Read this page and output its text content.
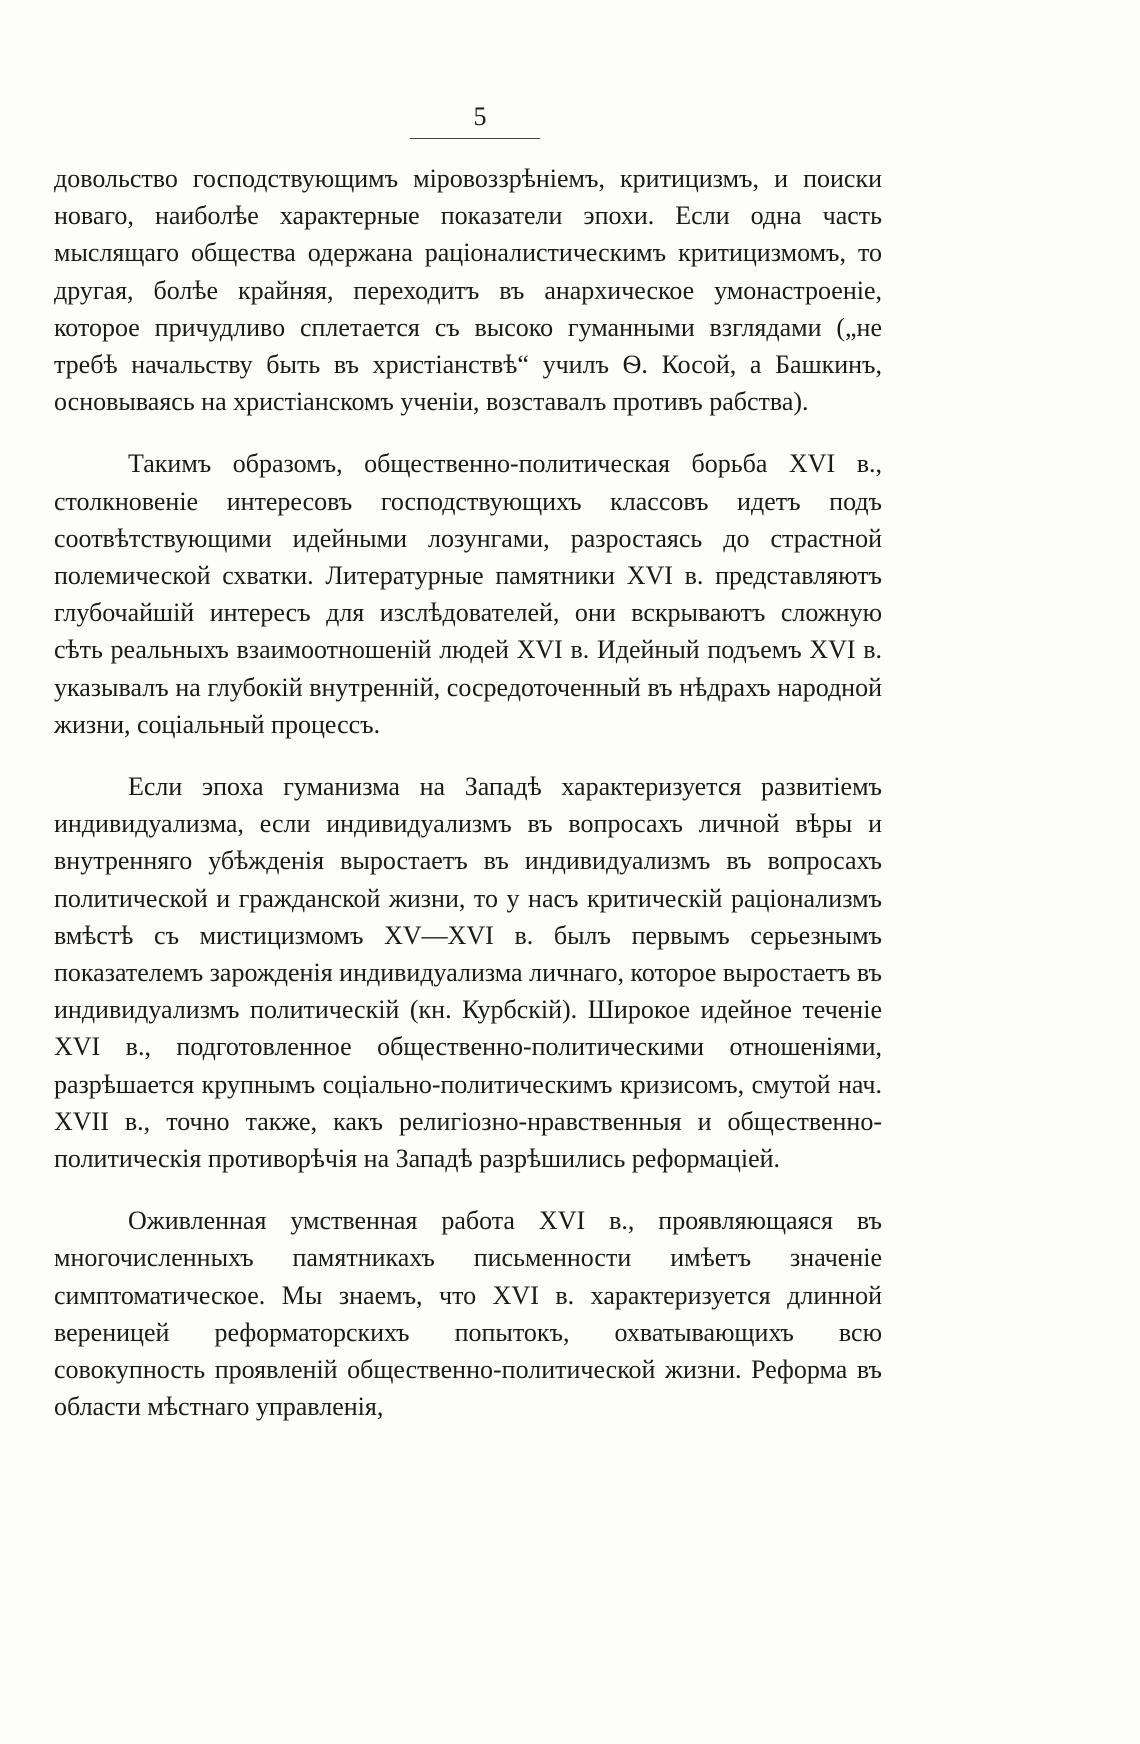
5

довольство господствующимъ міровоззрѣніемъ, критицизмъ, и поиски новаго, наиболѣе характерные показатели эпохи. Если одна часть мыслящаго общества одержана раціоналистическимъ критицизмомъ, то другая, болѣе крайняя, переходитъ въ анархическое умонастроеніе, которое причудливо сплетается съ высоко гуманными взглядами („не требѣ начальству быть въ христіанствѣ“ училъ Ѳ. Косой, а Башкинъ, основываясь на христіанскомъ ученіи, возставалъ противъ рабства).

Такимъ образомъ, общественно-политическая борьба XVI в., столкновеніе интересовъ господствующихъ классовъ идетъ подъ соотвѣтствующими идейными лозунгами, разростаясь до страстной полемической схватки. Литературные памятники XVI в. представляютъ глубочайшій интересъ для изслѣдователей, они вскрываютъ сложную сѣть реальныхъ взаимоотношеній людей XVI в. Идейный подъемъ XVI в. указывалъ на глубокій внутренній, сосредоточенный въ нѣдрахъ народной жизни, соціальный процессъ.

Если эпоха гуманизма на Западѣ характеризуется развитіемъ индивидуализма, если индивидуализмъ въ вопросахъ личной вѣры и внутренняго убѣжденія выростаетъ въ индивидуализмъ въ вопросахъ политической и гражданской жизни, то у насъ критическій раціонализмъ вмѣстѣ съ мистицизмомъ XV—XVI в. былъ первымъ серьезнымъ показателемъ зарожденія индивидуализма личнаго, которое выростаетъ въ индивидуализмъ политическій (кн. Курбскій). Широкое идейное теченіе XVI в., подготовленное общественно-политическими отношеніями, разрѣшается крупнымъ соціально-политическимъ кризисомъ, смутой нач. XVII в., точно также, какъ религіозно-нравственныя и общественно-политическія противорѣчія на Западѣ разрѣшились реформаціей.

Оживленная умственная работа XVI в., проявляющаяся въ многочисленныхъ памятникахъ письменности имѣетъ значеніе симптоматическое. Мы знаемъ, что XVI в. характеризуется длинной вереницей реформаторскихъ попытокъ, охватывающихъ всю совокупность проявленій общественно-политической жизни. Реформа въ области мѣстнаго управленія,
